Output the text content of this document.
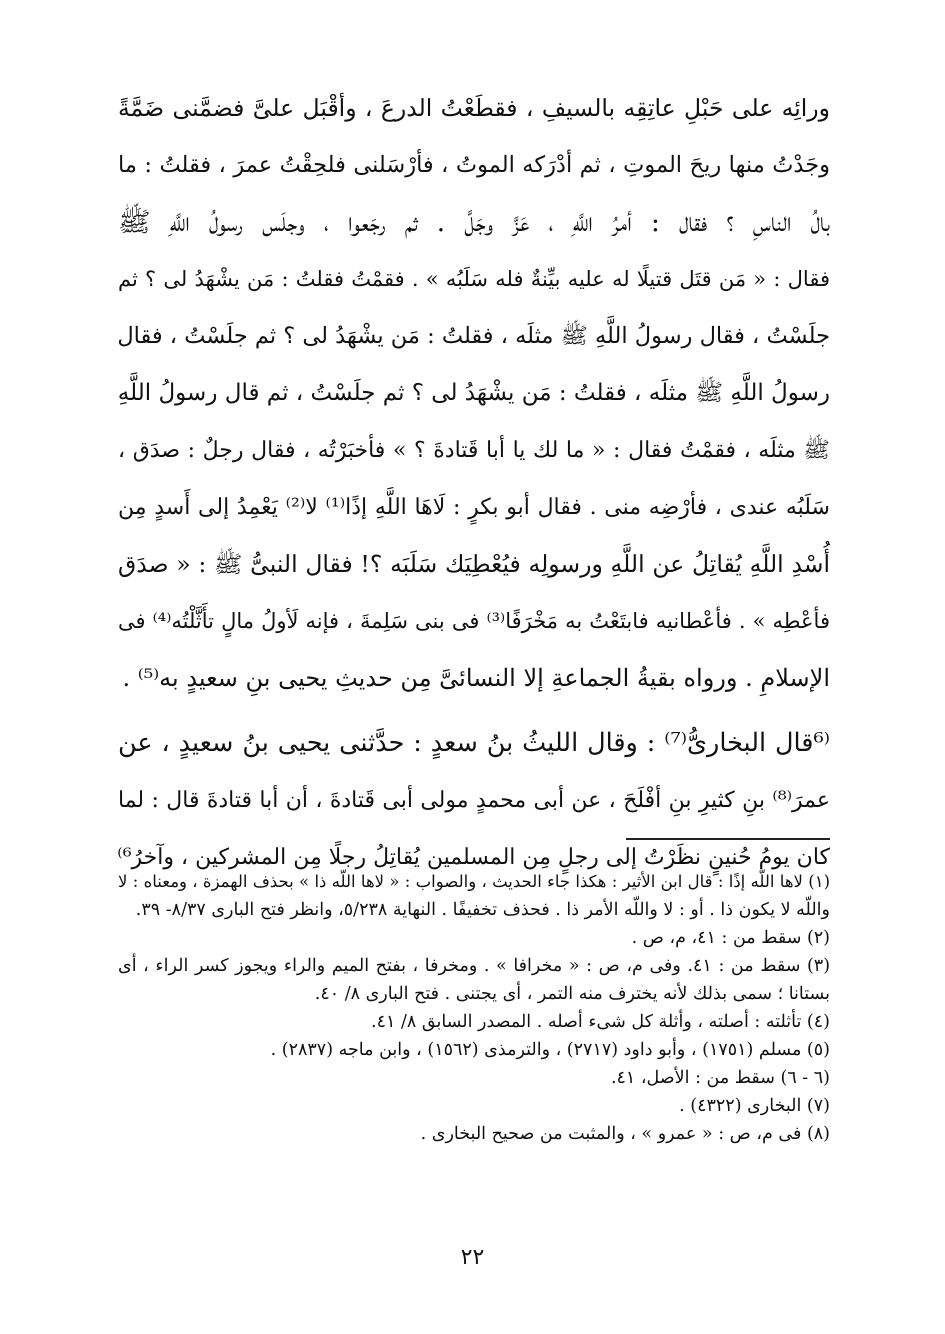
ورائِه على حَبْلِ عاتِقِه بالسيفِ ، فقطَعْتُ الدرعَ ، وأقْبَل علىَّ فضمَّنى ضَمَّةً
وجَدْتُ منها ريحَ الموتِ ، ثم أدْرَكه الموتُ ، فأرْسَلنى فلحِقْتُ عمرَ ، فقلتُ : ما
بالُ الناسِ ؟ فقال : أمرُ اللَّهِ ، عَزَّ وجَلَّ . ثم رجَعوا ، وجلَس رسولُ اللَّهِ ﷺ
فقال : « مَن قتَل قتيلًا له عليه بيِّنةٌ فله سَلَبُه » . فقمْتُ فقلتُ : مَن يشْهَدُ لى ؟ ثم
جلَسْتُ ، فقال رسولُ اللَّهِ ﷺ مثلَه ، فقلتُ : مَن يشْهَدُ لى ؟ ثم جلَسْتُ ، فقال
رسولُ اللَّهِ ﷺ مثلَه ، فقلتُ : مَن يشْهَدُ لى ؟ ثم جلَسْتُ ، ثم قال رسولُ اللَّهِ
ﷺ مثلَه ، فقمْتُ فقال : « ما لك يا أبا قَتادةَ ؟ » فأخبَرْتُه ، فقال رجلٌ : صدَق ،
سَلَبُه عندى ، فأرْضِه منى . فقال أبو بكرٍ : لَاهَا اللَّهِ إذًا⁽¹⁾ لا⁽²⁾ يَعْمِدُ إلى أَسدٍ مِن
أُسْدِ اللَّهِ يُقاتِلُ عن اللَّهِ ورسولِه فيُعْطِيَك سَلَبَه ؟! فقال النبىُّ ﷺ : « صدَق
فأعْطِه » . فأعْطانيه فابتَعْتُ به مَخْرَفًا⁽³⁾ فى بنى سَلِمةَ ، فإنه لَأولُ مالٍ تأَثَّلْتُه⁽⁴⁾ فى
الإسلامِ . ورواه بقيةُ الجماعةِ إلا النسائىَّ مِن حديثِ يحيى بنِ سعيدٍ به⁽⁵⁾ .
⁽⁶قال البخارىُّ⁽⁷⁾ : وقال الليثُ بنُ سعدٍ : حدَّثنى يحيى بنُ سعيدٍ ، عن
عمرَ⁽⁸⁾ بنِ كثيرِ بنِ أفْلَحَ ، عن أبى محمدٍ مولى أبى قَتادةَ ، أن أبا قتادةَ قال : لما
كان يومُ حُنينٍ نظَرْتُ إلى رجلٍ مِن المسلمين يُقاتِلُ رجلًا مِن المشركين ، وآخرُ⁶⁾
(١) لاها اللّه إذًا : قال ابن الأثير : هكذا جاء الحديث ، والصواب : « لاها اللّه ذا » بحذف الهمزة ، ومعناه : لا
واللّه لا يكون ذا . أو : لا واللّه الأمر ذا . فحذف تخفيفًا . النهاية ٥/٢٣٨، وانظر فتح البارى ٨/٣٧- ٣٩.
(٢) سقط من : ٤١، م، ص .
(٣) سقط من : ٤١. وفى م، ص : « مخرافا » . ومخرفا ، بفتح الميم والراء ويجوز كسر الراء ، أى
بستانا ؛ سمى بذلك لأنه يخترف منه التمر ، أى يجتنى . فتح البارى ٨/ ٤٠.
(٤) تأثلته : أصلته ، وأثلة كل شىء أصله . المصدر السابق ٨/ ٤١.
(٥) مسلم (١٧٥١) ، وأبو داود (٢٧١٧) ، والترمذى (١٥٦٢) ، وابن ماجه (٢٨٣٧) .
(٦ - ٦) سقط من : الأصل، ٤١.
(٧) البخارى (٤٣٢٢) .
(٨) فى م، ص : « عمرو » ، والمثبت من صحيح البخارى .
٢٢
